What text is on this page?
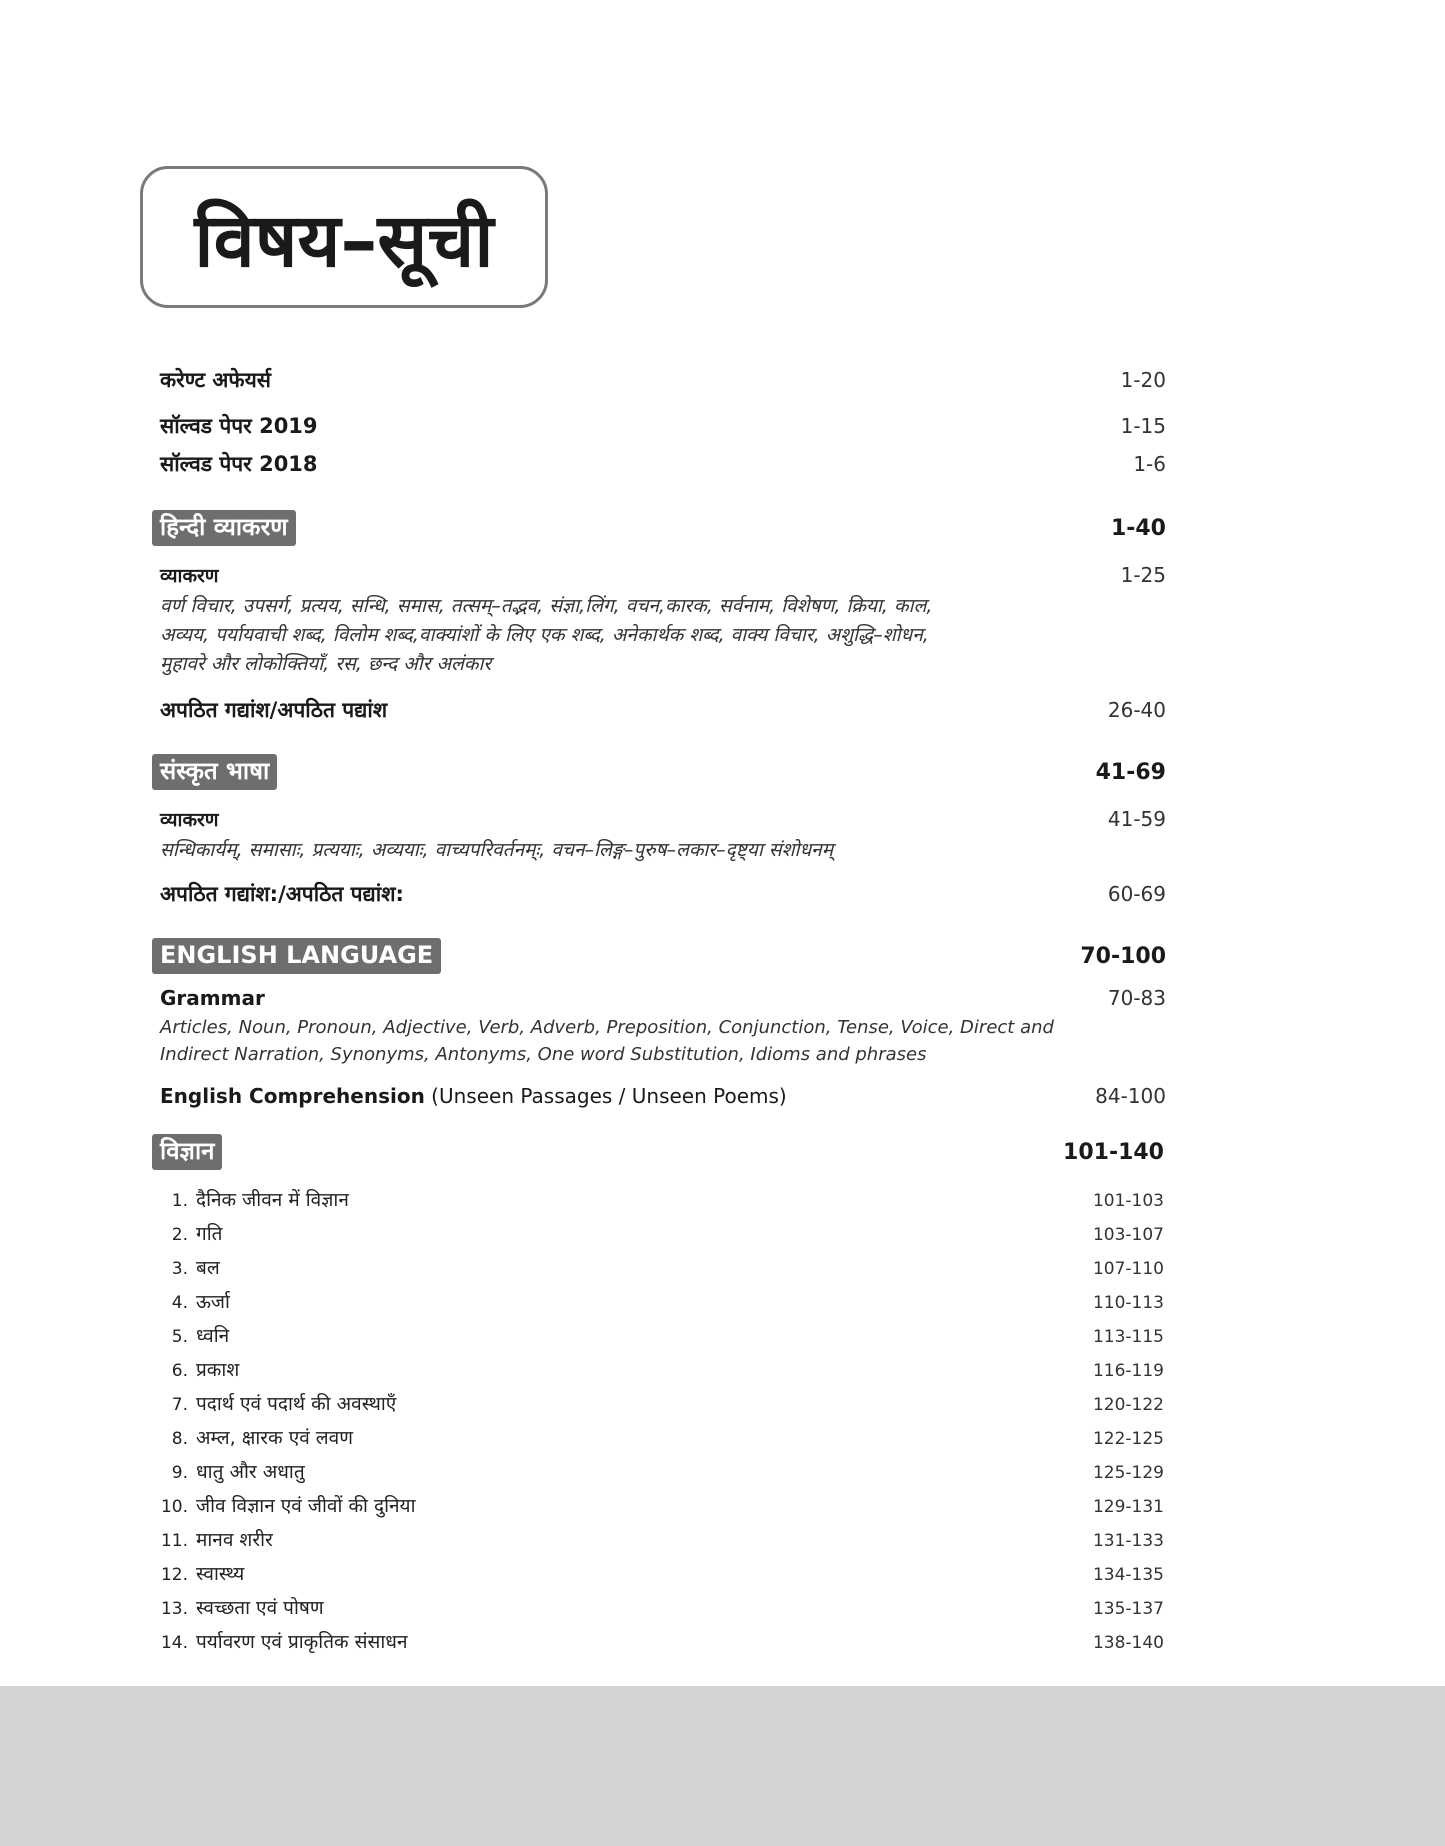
विषय–सूची
करेण्ट अफेयर्स	1-20
सॉल्वड पेपर 2019	1-15
सॉल्वड पेपर 2018	1-6
हिन्दी व्याकरण	1-40
व्याकरण	1-25
वर्ण विचार, उपसर्ग, प्रत्यय, सन्धि, समास, तत्सम्–तद्भव, संज्ञा,लिंग, वचन,कारक, सर्वनाम, विशेषण, क्रिया, काल,
अव्यय, पर्यायवाची शब्द, विलोम शब्द,वाक्यांशों के लिए एक शब्द, अनेकार्थक शब्द, वाक्य विचार, अशुद्धि–शोधन,
मुहावरे और लोकोक्तियाँ, रस, छन्द और अलंकार
अपठित गद्यांश/अपठित पद्यांश	26-40
संस्कृत भाषा	41-69
व्याकरण	41-59
सन्धिकार्यम्, समासाः, प्रत्ययाः, अव्ययाः, वाच्यपरिवर्तनम्ः, वचन–लिङ्ग–पुरुष–लकार–दृष्ट्या संशोधनम्
अपठित गद्यांश:/अपठित पद्यांश:	60-69
ENGLISH LANGUAGE	70-100
Grammar	70-83
Articles, Noun, Pronoun, Adjective, Verb, Adverb, Preposition, Conjunction, Tense, Voice, Direct and
Indirect Narration, Synonyms, Antonyms, One word Substitution, Idioms and phrases
English Comprehension (Unseen Passages / Unseen Poems)	84-100
विज्ञान	101-140
1. दैनिक जीवन में विज्ञान	101-103
2. गति	103-107
3. बल	107-110
4. ऊर्जा	110-113
5. ध्वनि	113-115
6. प्रकाश	116-119
7. पदार्थ एवं पदार्थ की अवस्थाएँ	120-122
8. अम्ल, क्षारक एवं लवण	122-125
9. धातु और अधातु	125-129
10. जीव विज्ञान एवं जीवों की दुनिया	129-131
11. मानव शरीर	131-133
12. स्वास्थ्य	134-135
13. स्वच्छता एवं पोषण	135-137
14. पर्यावरण एवं प्राकृतिक संसाधन	138-140
